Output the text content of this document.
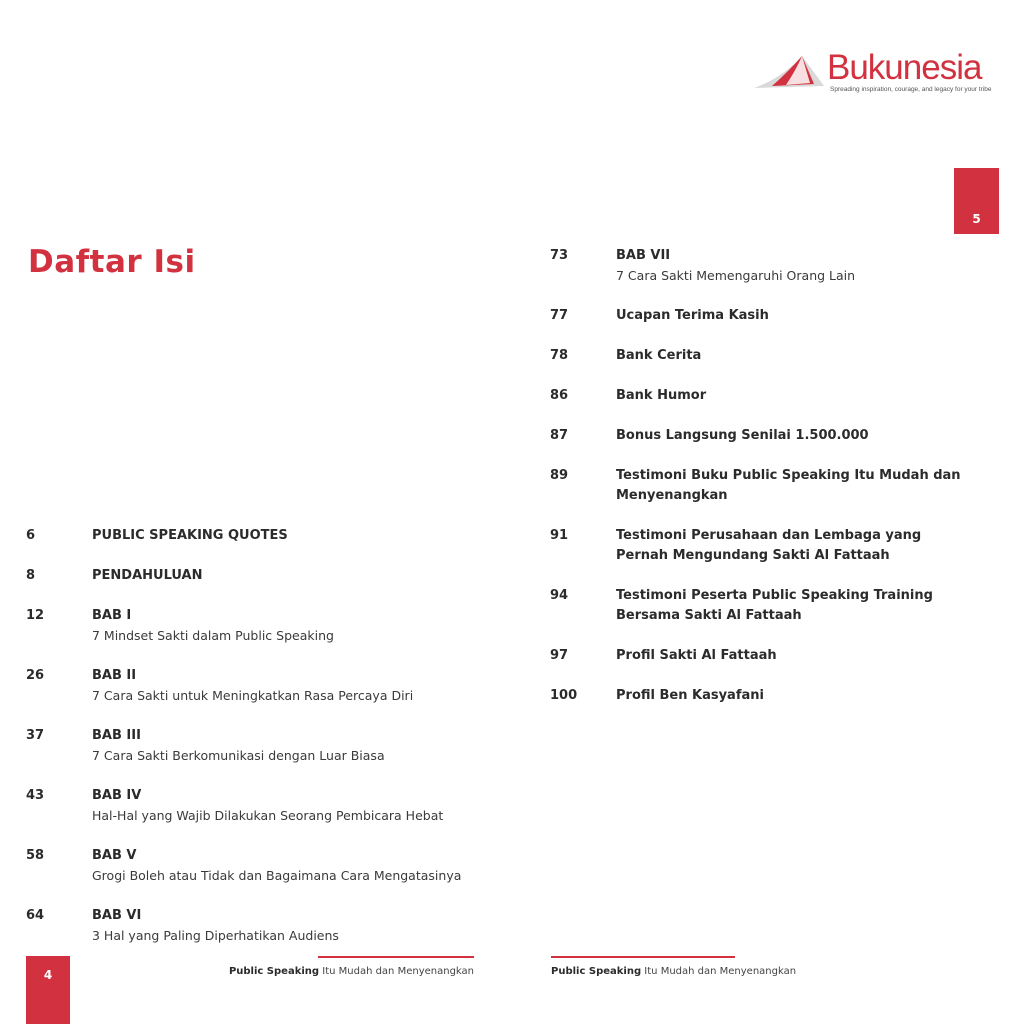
Bukunesia
Spreading inspiration, courage, and legacy for your tribe
5
Daftar Isi
6	PUBLIC SPEAKING QUOTES
8	PENDAHULUAN
12	BAB I
7 Mindset Sakti dalam Public Speaking
26	BAB II
7 Cara Sakti untuk Meningkatkan Rasa Percaya Diri
37	BAB III
7 Cara Sakti Berkomunikasi dengan Luar Biasa
43	BAB IV
Hal-Hal yang Wajib Dilakukan Seorang Pembicara Hebat
58	BAB V
Grogi Boleh atau Tidak dan Bagaimana Cara Mengatasinya
64	BAB VI
3 Hal yang Paling Diperhatikan Audiens
73	BAB VII
7 Cara Sakti Memengaruhi Orang Lain
77	Ucapan Terima Kasih
78	Bank Cerita
86	Bank Humor
87	Bonus Langsung Senilai 1.500.000
89	Testimoni Buku Public Speaking Itu Mudah dan Menyenangkan
91	Testimoni Perusahaan dan Lembaga yang Pernah Mengundang Sakti Al Fattaah
94	Testimoni Peserta Public Speaking Training Bersama Sakti Al Fattaah
97	Profil Sakti Al Fattaah
100	Profil Ben Kasyafani
4	Public Speaking Itu Mudah dan Menyenangkan	Public Speaking Itu Mudah dan Menyenangkan
